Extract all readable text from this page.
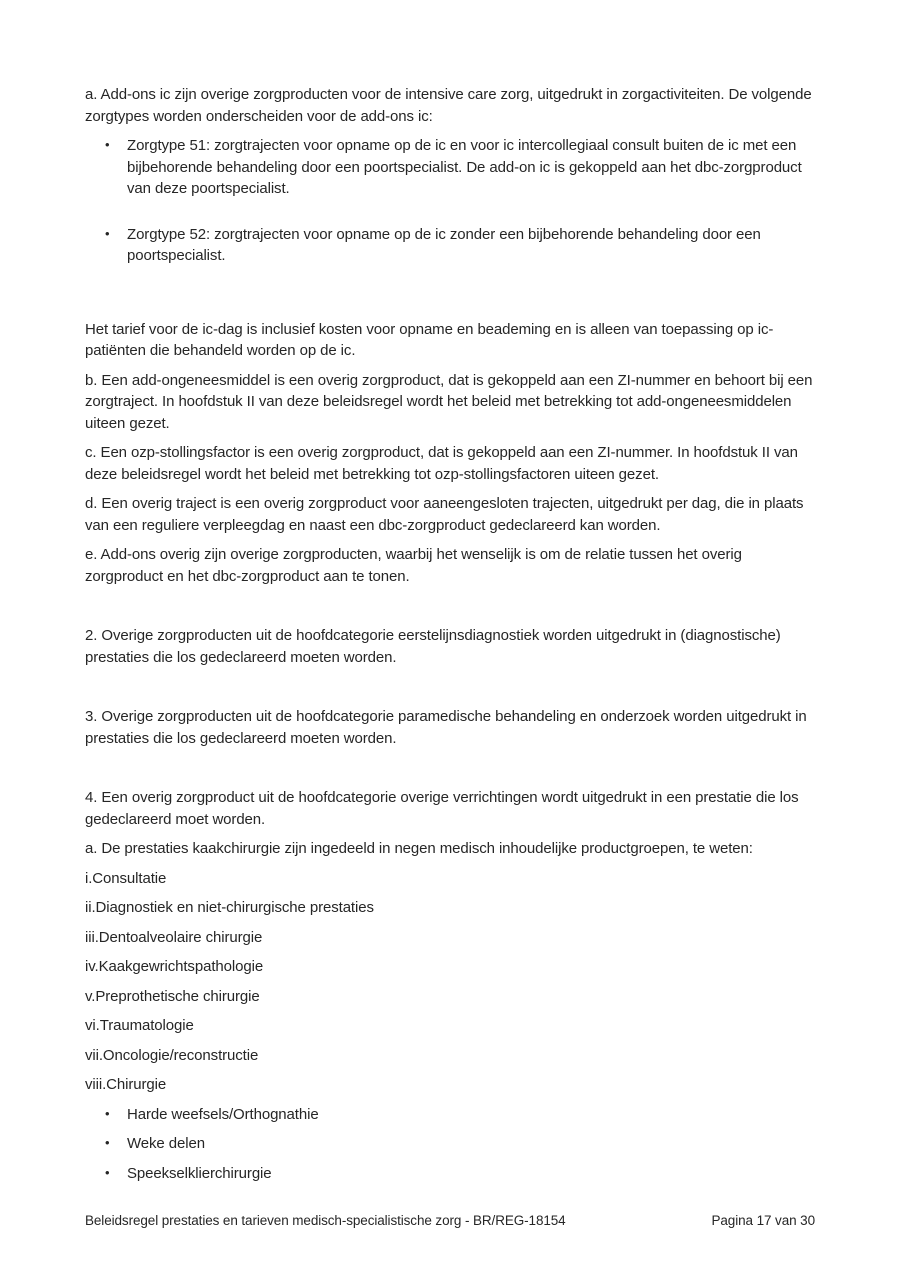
a. Add-ons ic zijn overige zorgproducten voor de intensive care zorg, uitgedrukt in zorgactiviteiten. De volgende zorgtypes worden onderscheiden voor de add-ons ic:

• Zorgtype 51: zorgtrajecten voor opname op de ic en voor ic intercollegiaal consult buiten de ic met een bijbehorende behandeling door een poortspecialist. De add-on ic is gekoppeld aan het dbc-zorgproduct van deze poortspecialist.
• Zorgtype 52: zorgtrajecten voor opname op de ic zonder een bijbehorende behandeling door een poortspecialist.

Het tarief voor de ic-dag is inclusief kosten voor opname en beademing en is alleen van toepassing op ic-patiënten die behandeld worden op de ic.

b. Een add-ongeneesmiddel is een overig zorgproduct, dat is gekoppeld aan een ZI-nummer en behoort bij een zorgtraject. In hoofdstuk II van deze beleidsregel wordt het beleid met betrekking tot add-ongeneesmiddelen uiteen gezet.

c. Een ozp-stollingsfactor is een overig zorgproduct, dat is gekoppeld aan een ZI-nummer. In hoofdstuk II van deze beleidsregel wordt het beleid met betrekking tot ozp-stollingsfactoren uiteen gezet.

d. Een overig traject is een overig zorgproduct voor aaneengesloten trajecten, uitgedrukt per dag, die in plaats van een reguliere verpleegdag en naast een dbc-zorgproduct gedeclareerd kan worden.

e. Add-ons overig zijn overige zorgproducten, waarbij het wenselijk is om de relatie tussen het overig zorgproduct en het dbc-zorgproduct aan te tonen.

2. Overige zorgproducten uit de hoofdcategorie eerstelijnsdiagnostiek worden uitgedrukt in (diagnostische) prestaties die los gedeclareerd moeten worden.

3. Overige zorgproducten uit de hoofdcategorie paramedische behandeling en onderzoek worden uitgedrukt in prestaties die los gedeclareerd moeten worden.

4. Een overig zorgproduct uit de hoofdcategorie overige verrichtingen wordt uitgedrukt in een prestatie die los gedeclareerd moet worden.

a. De prestaties kaakchirurgie zijn ingedeeld in negen medisch inhoudelijke productgroepen, te weten:

i.Consultatie

ii.Diagnostiek en niet-chirurgische prestaties

iii.Dentoalveolaire chirurgie

iv.Kaakgewrichtspathologie

v.Preprothetische chirurgie

vi.Traumatologie

vii.Oncologie/reconstructie

viii.Chirurgie

• Harde weefsels/Orthognathie
• Weke delen
• Speekselklierchirurgie
Beleidsregel prestaties en tarieven medisch-specialistische zorg - BR/REG-18154	Pagina 17 van 30
